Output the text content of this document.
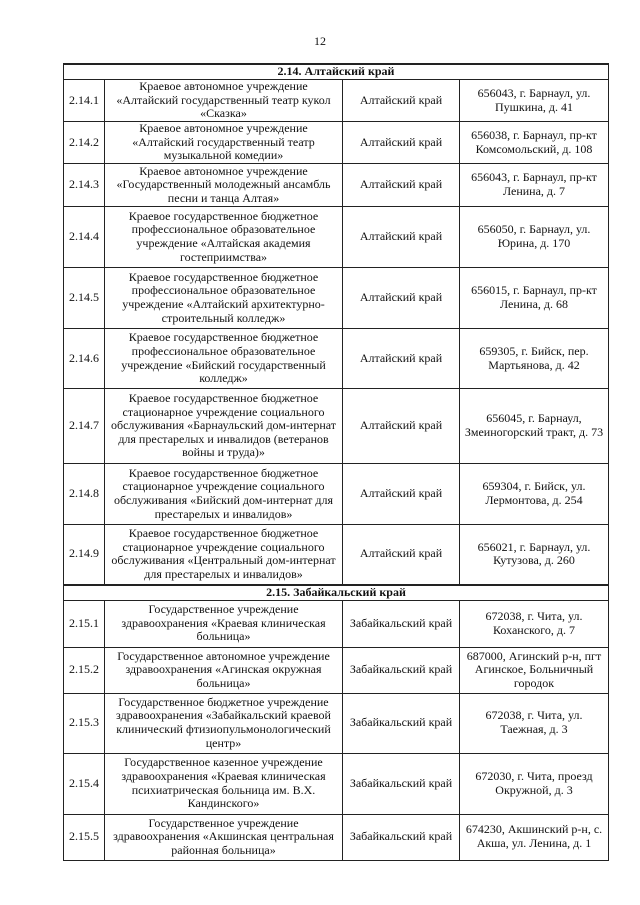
12
2.14. Алтайский край			
2.14.1	Краевое автономное учреждение «Алтайский государственный театр кукол «Сказка»	Алтайский край	656043, г. Барнаул, ул. Пушкина, д. 41
2.14.2	Краевое автономное учреждение «Алтайский государственный театр музыкальной комедии»	Алтайский край	656038, г. Барнаул, пр-кт Комсомольский, д. 108
2.14.3	Краевое автономное учреждение «Государственный молодежный ансамбль песни и танца Алтая»	Алтайский край	656043, г. Барнаул, пр-кт Ленина, д. 7
2.14.4	Краевое государственное бюджетное профессиональное образовательное учреждение «Алтайская академия гостеприимства»	Алтайский край	656050, г. Барнаул, ул. Юрина, д. 170
2.14.5	Краевое государственное бюджетное профессиональное образовательное учреждение «Алтайский архитектурно-строительный колледж»	Алтайский край	656015, г. Барнаул, пр-кт Ленина, д. 68
2.14.6	Краевое государственное бюджетное профессиональное образовательное учреждение «Бийский государственный колледж»	Алтайский край	659305, г. Бийск, пер. Мартьянова, д. 42
2.14.7	Краевое государственное бюджетное стационарное учреждение социального обслуживания «Барнаульский дом-интернат для престарелых и инвалидов (ветеранов войны и труда)»	Алтайский край	656045, г. Барнаул, Змеиногорский тракт, д. 73
2.14.8	Краевое государственное бюджетное стационарное учреждение социального обслуживания «Бийский дом-интернат для престарелых и инвалидов»	Алтайский край	659304, г. Бийск, ул. Лермонтова, д. 254
2.14.9	Краевое государственное бюджетное стационарное учреждение социального обслуживания «Центральный дом-интернат для престарелых и инвалидов»	Алтайский край	656021, г. Барнаул, ул. Кутузова, д. 260
2.15. Забайкальский край			
2.15.1	Государственное учреждение здравоохранения «Краевая клиническая больница»	Забайкальский край	672038, г. Чита, ул. Коханского, д. 7
2.15.2	Государственное автономное учреждение здравоохранения «Агинская окружная больница»	Забайкальский край	687000, Агинский р-н, пгт Агинское, Больничный городок
2.15.3	Государственное бюджетное учреждение здравоохранения «Забайкальский краевой клинический фтизиопульмонологический центр»	Забайкальский край	672038, г. Чита, ул. Таежная, д. 3
2.15.4	Государственное казенное учреждение здравоохранения «Краевая клиническая психиатрическая больница им. В.Х. Кандинского»	Забайкальский край	672030, г. Чита, проезд Окружной, д. 3
2.15.5	Государственное учреждение здравоохранения «Акшинская центральная районная больница»	Забайкальский край	674230, Акшинский р-н, с. Акша, ул. Ленина, д. 1
